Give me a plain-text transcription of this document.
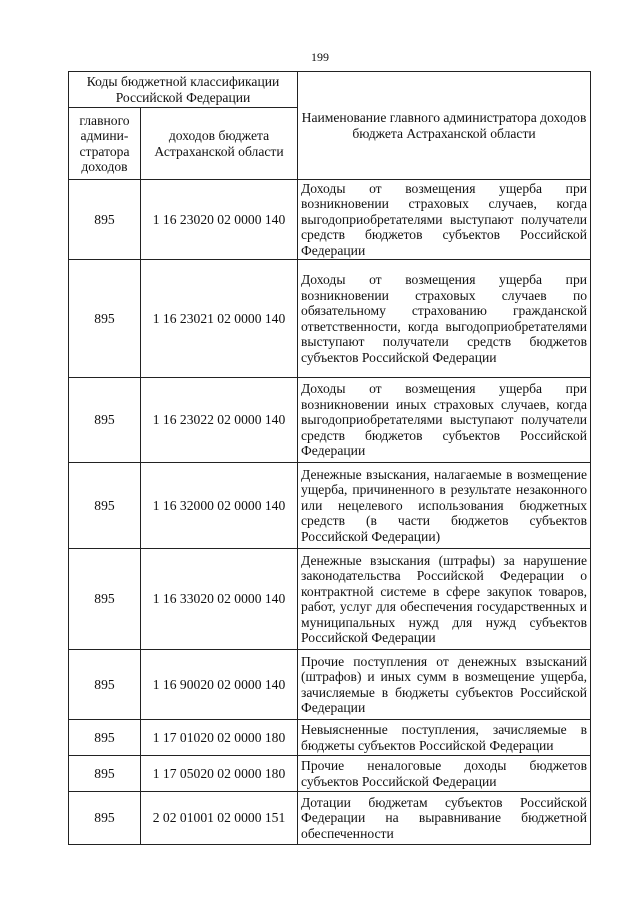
199
Коды бюджетной классификации Российской Федерации		Наименование главного администратора доходов бюджета Астраханской области
главного админи-стратора доходов	доходов бюджета Астраханской области	
895	1 16 23020 02 0000 140	Доходы от возмещения ущерба при возникновении страховых случаев, когда выгодоприобретателями выступают получатели средств бюджетов субъектов Российской Федерации
895	1 16 23021 02 0000 140	Доходы от возмещения ущерба при возникновении страховых случаев по обязательному страхованию гражданской ответственности, когда выгодоприобретателями выступают получатели средств бюджетов субъектов Российской Федерации
895	1 16 23022 02 0000 140	Доходы от возмещения ущерба при возникновении иных страховых случаев, когда выгодоприобретателями выступают получатели средств бюджетов субъектов Российской Федерации
895	1 16 32000 02 0000 140	Денежные взыскания, налагаемые в возмещение ущерба, причиненного в результате незаконного или нецелевого использования бюджетных средств (в части бюджетов субъектов Российской Федерации)
895	1 16 33020 02 0000 140	Денежные взыскания (штрафы) за нарушение законодательства Российской Федерации о контрактной системе в сфере закупок товаров, работ, услуг для обеспечения государственных и муниципальных нужд для нужд субъектов Российской Федерации
895	1 16 90020 02 0000 140	Прочие поступления от денежных взысканий (штрафов) и иных сумм в возмещение ущерба, зачисляемые в бюджеты субъектов Российской Федерации
895	1 17 01020 02 0000 180	Невыясненные поступления, зачисляемые в бюджеты субъектов Российской Федерации
895	1 17 05020 02 0000 180	Прочие неналоговые доходы бюджетов субъектов Российской Федерации
895	2 02 01001 02 0000 151	Дотации бюджетам субъектов Российской Федерации на выравнивание бюджетной обеспеченности
